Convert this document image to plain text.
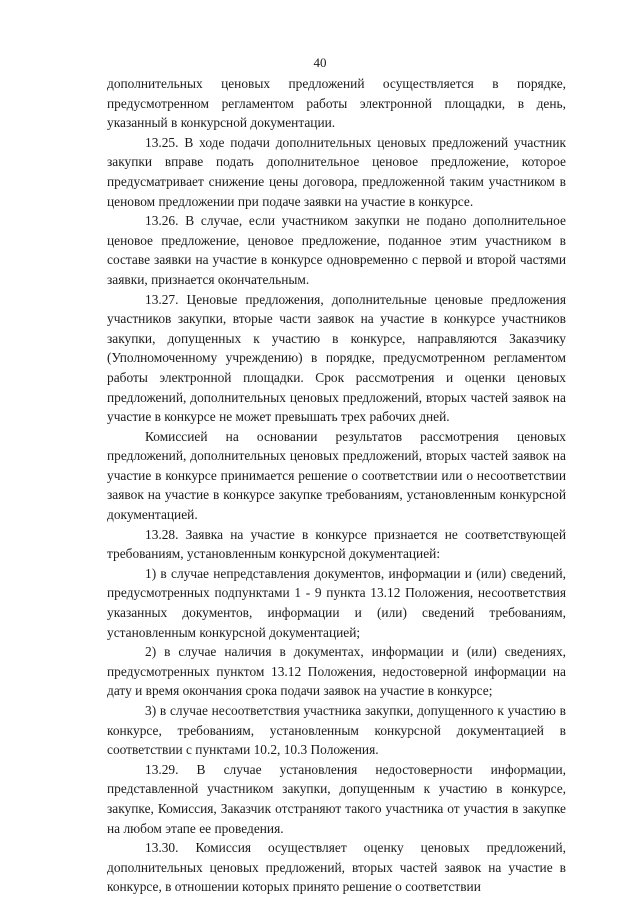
40

дополнительных ценовых предложений осуществляется в порядке, предусмотренном регламентом работы электронной площадки, в день, указанный в конкурсной документации.

13.25. В ходе подачи дополнительных ценовых предложений участник закупки вправе подать дополнительное ценовое предложение, которое предусматривает снижение цены договора, предложенной таким участником в ценовом предложении при подаче заявки на участие в конкурсе.

13.26. В случае, если участником закупки не подано дополнительное ценовое предложение, ценовое предложение, поданное этим участником в составе заявки на участие в конкурсе одновременно с первой и второй частями заявки, признается окончательным.

13.27. Ценовые предложения, дополнительные ценовые предложения участников закупки, вторые части заявок на участие в конкурсе участников закупки, допущенных к участию в конкурсе, направляются Заказчику (Уполномоченному учреждению) в порядке, предусмотренном регламентом работы электронной площадки. Срок рассмотрения и оценки ценовых предложений, дополнительных ценовых предложений, вторых частей заявок на участие в конкурсе не может превышать трех рабочих дней.

Комиссией на основании результатов рассмотрения ценовых предложений, дополнительных ценовых предложений, вторых частей заявок на участие в конкурсе принимается решение о соответствии или о несоответствии заявок на участие в конкурсе закупке требованиям, установленным конкурсной документацией.

13.28. Заявка на участие в конкурсе признается не соответствующей требованиям, установленным конкурсной документацией:

1) в случае непредставления документов, информации и (или) сведений, предусмотренных подпунктами 1 - 9 пункта 13.12 Положения, несоответствия указанных документов, информации и (или) сведений требованиям, установленным конкурсной документацией;

2) в случае наличия в документах, информации и (или) сведениях, предусмотренных пунктом 13.12 Положения, недостоверной информации на дату и время окончания срока подачи заявок на участие в конкурсе;

3) в случае несоответствия участника закупки, допущенного к участию в конкурсе, требованиям, установленным конкурсной документацией в соответствии с пунктами 10.2, 10.3 Положения.

13.29. В случае установления недостоверности информации, представленной участником закупки, допущенным к участию в конкурсе, закупке, Комиссия, Заказчик отстраняют такого участника от участия в закупке на любом этапе ее проведения.

13.30. Комиссия осуществляет оценку ценовых предложений, дополнительных ценовых предложений, вторых частей заявок на участие в конкурсе, в отношении которых принято решение о соответствии
